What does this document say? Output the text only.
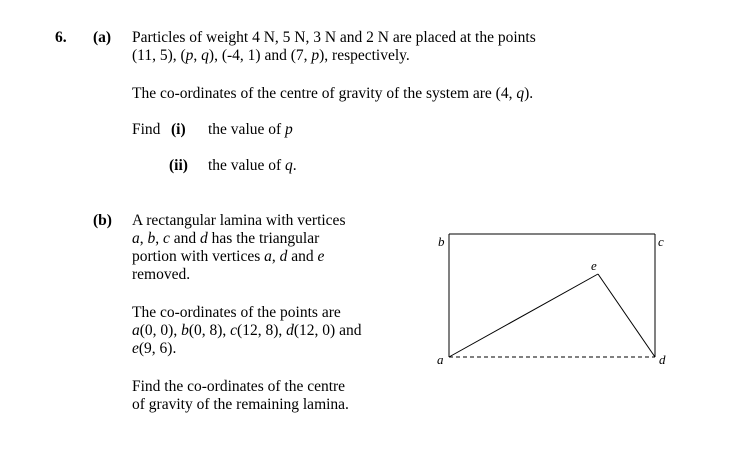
6. (a) Particles of weight 4 N, 5 N, 3 N and 2 N are placed at the points
(11, 5), (p, q), (-4, 1) and (7, p), respectively.
The co-ordinates of the centre of gravity of the system are (4, q).
Find (i) the value of p
(ii) the value of q.
(b) A rectangular lamina with vertices
a, b, c and d has the triangular
portion with vertices a, d and e
removed.
The co-ordinates of the points are
a(0, 0), b(0, 8), c(12, 8), d(12, 0) and
e(9, 6).
Find the co-ordinates of the centre
of gravity of the remaining lamina.
b	c
e
a	d
